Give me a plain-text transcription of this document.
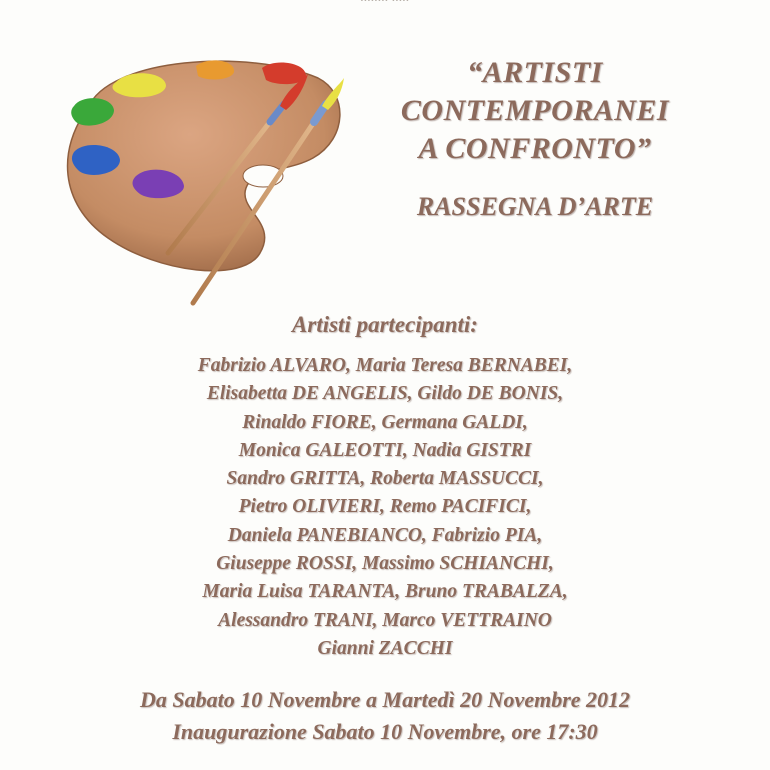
“ARTISTI
CONTEMPORANEI
A CONFRONTO”
RASSEGNA D’ARTE
Artisti partecipanti:
Fabrizio ALVARO, Maria Teresa BERNABEI,
Elisabetta DE ANGELIS, Gildo DE BONIS,
Rinaldo FIORE, Germana GALDI,
Monica GALEOTTI, Nadia GISTRI
Sandro GRITTA, Roberta MASSUCCI,
Pietro OLIVIERI, Remo PACIFICI,
Daniela PANEBIANCO, Fabrizio PIA,
Giuseppe ROSSI, Massimo SCHIANCHI,
Maria Luisa TARANTA, Bruno TRABALZA,
Alessandro TRANI, Marco VETTRAINO
Gianni ZACCHI
Da Sabato 10 Novembre a Martedì 20 Novembre 2012
Inaugurazione Sabato 10 Novembre, ore 17:30
